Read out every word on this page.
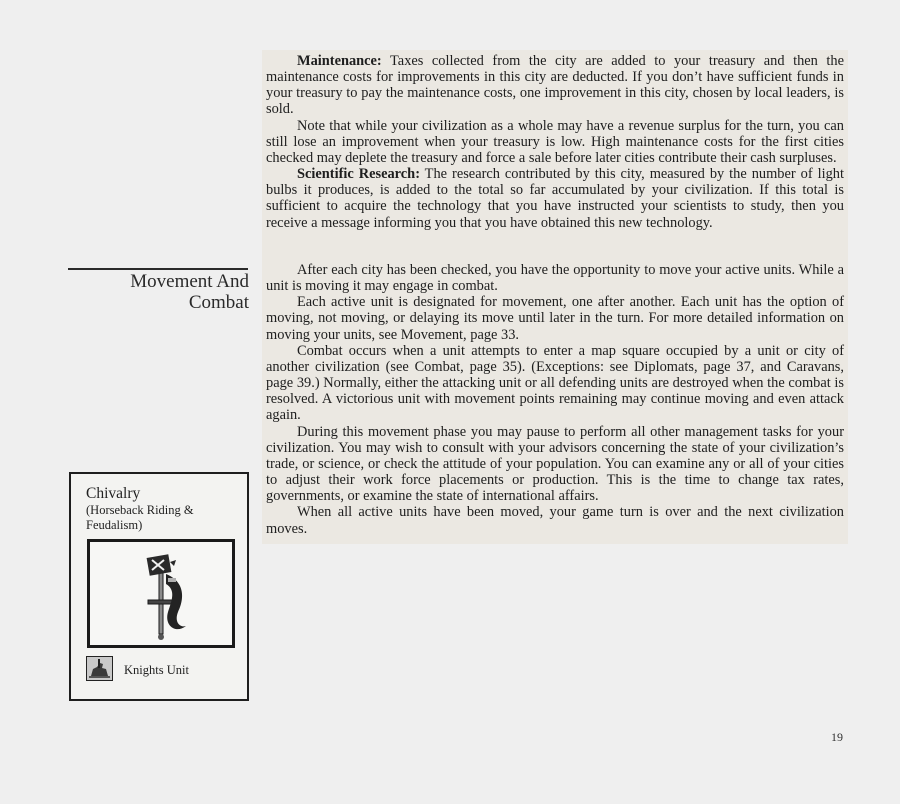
Maintenance: Taxes collected from the city are added to your treasury and then the maintenance costs for improvements in this city are deducted. If you don’t have sufficient funds in your treasury to pay the maintenance costs, one improvement in this city, chosen by local leaders, is sold.

Note that while your civilization as a whole may have a revenue surplus for the turn, you can still lose an improvement when your treasury is low. High maintenance costs for the first cities checked may deplete the treasury and force a sale before later cities contribute their cash surpluses.

Scientific Research: The research contributed by this city, measured by the number of light bulbs it produces, is added to the total so far accumulated by your civilization. If this total is sufficient to acquire the technology that you have instructed your scientists to study, then you receive a message informing you that you have obtained this new technology.

After each city has been checked, you have the opportunity to move your active units. While a unit is moving it may engage in combat.

Each active unit is designated for movement, one after another. Each unit has the option of moving, not moving, or delaying its move until later in the turn. For more detailed information on moving your units, see Movement, page 33.

Combat occurs when a unit attempts to enter a map square occupied by a unit or city of another civilization (see Combat, page 35). (Exceptions: see Diplomats, page 37, and Caravans, page 39.) Normally, either the attacking unit or all defending units are destroyed when the combat is resolved. A victorious unit with movement points remaining may continue moving and even attack again.

During this movement phase you may pause to perform all other management tasks for your civilization. You may wish to consult with your advisors concerning the state of your civilization’s trade, or science, or check the attitude of your population. You can examine any or all of your cities to adjust their work force placements or production. This is the time to change tax rates, governments, or examine the state of international affairs.

When all active units have been moved, your game turn is over and the next civilization moves.

Movement And
Combat
Chivalry
(Horseback Riding &
Feudalism)
Knights Unit
19
